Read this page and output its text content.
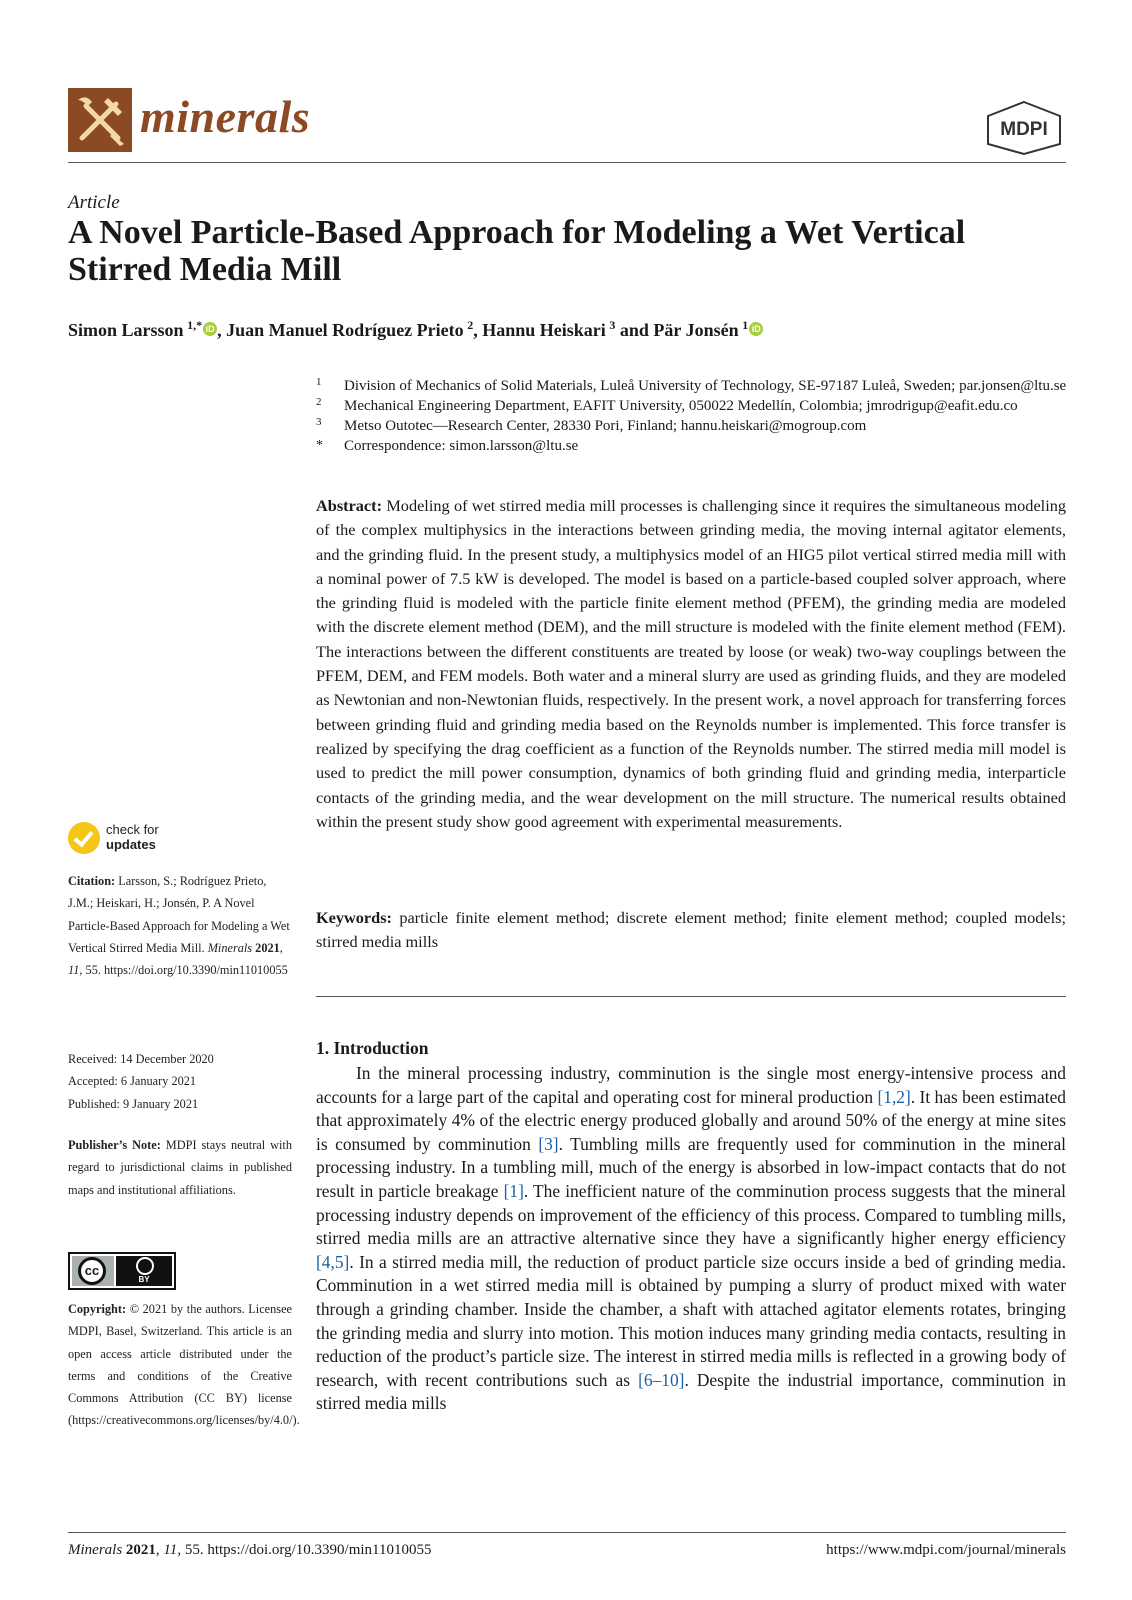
minerals	MDPI
Article
A Novel Particle-Based Approach for Modeling a Wet Vertical Stirred Media Mill
Simon Larsson  $^{1,*}$ iD , Juan Manuel Rodríguez Prieto  $^2$, Hannu Heiskari  $^3$ and Pär Jonsén  $^1$ iD
1 Division of Mechanics of Solid Materials, Luleå University of Technology, SE-97187 Luleå, Sweden; par.jonsen@ltu.se
2 Mechanical Engineering Department, EAFIT University, 050022 Medellín, Colombia; jmrodrigup@eafit.edu.co
3 Metso Outotec—Research Center, 28330 Pori, Finland; hannu.heiskari@mogroup.com
* Correspondence: simon.larsson@ltu.se
Abstract: Modeling of wet stirred media mill processes is challenging since it requires the simultaneous modeling of the complex multiphysics in the interactions between grinding media, the moving internal agitator elements, and the grinding fluid. In the present study, a multiphysics model of an HIG5 pilot vertical stirred media mill with a nominal power of 7.5 kW is developed. The model is based on a particle-based coupled solver approach, where the grinding fluid is modeled with the particle finite element method (PFEM), the grinding media are modeled with the discrete element method (DEM), and the mill structure is modeled with the finite element method (FEM). The interactions between the different constituents are treated by loose (or weak) two-way couplings between the PFEM, DEM, and FEM models. Both water and a mineral slurry are used as grinding fluids, and they are modeled as Newtonian and non-Newtonian fluids, respectively. In the present work, a novel approach for transferring forces between grinding fluid and grinding media based on the Reynolds number is implemented. This force transfer is realized by specifying the drag coefficient as a function of the Reynolds number. The stirred media mill model is used to predict the mill power consumption, dynamics of both grinding fluid and grinding media, interparticle contacts of the grinding media, and the wear development on the mill structure. The numerical results obtained within the present study show good agreement with experimental measurements.
Keywords: particle finite element method; discrete element method; finite element method; coupled models; stirred media mills
1. Introduction
In the mineral processing industry, comminution is the single most energy-intensive process and accounts for a large part of the capital and operating cost for mineral production [1,2]. It has been estimated that approximately 4% of the electric energy produced globally and around 50% of the energy at mine sites is consumed by comminution [3]. Tumbling mills are frequently used for comminution in the mineral processing industry. In a tumbling mill, much of the energy is absorbed in low-impact contacts that do not result in particle breakage [1]. The inefficient nature of the comminution process suggests that the mineral processing industry depends on improvement of the efficiency of this process. Compared to tumbling mills, stirred media mills are an attractive alternative since they have a significantly higher energy efficiency [4,5]. In a stirred media mill, the reduction of product particle size occurs inside a bed of grinding media. Comminution in a wet stirred media mill is obtained by pumping a slurry of product mixed with water through a grinding chamber. Inside the chamber, a shaft with attached agitator elements rotates, bringing the grinding media and slurry into motion. This motion induces many grinding media contacts, resulting in reduction of the product’s particle size. The interest in stirred media mills is reflected in a growing body of research, with recent contributions such as [6–10]. Despite the industrial importance, comminution in stirred media mills
check for
updates
Citation: Larsson, S.; Rodríguez Prieto, J.M.; Heiskari, H.; Jonsén, P. A Novel Particle-Based Approach for Modeling a Wet Vertical Stirred Media Mill. Minerals 2021, 11, 55. https://doi.org/10.3390/min11010055
Received: 14 December 2020
Accepted: 6 January 2021
Published: 9 January 2021
Publisher’s Note: MDPI stays neutral with regard to jurisdictional claims in published maps and institutional affiliations.
cc
BY
Copyright: © 2021 by the authors. Licensee MDPI, Basel, Switzerland. This article is an open access article distributed under the terms and conditions of the Creative Commons Attribution (CC BY) license (https://creativecommons.org/licenses/by/4.0/).
Minerals 2021, 11, 55. https://doi.org/10.3390/min11010055	https://www.mdpi.com/journal/minerals
